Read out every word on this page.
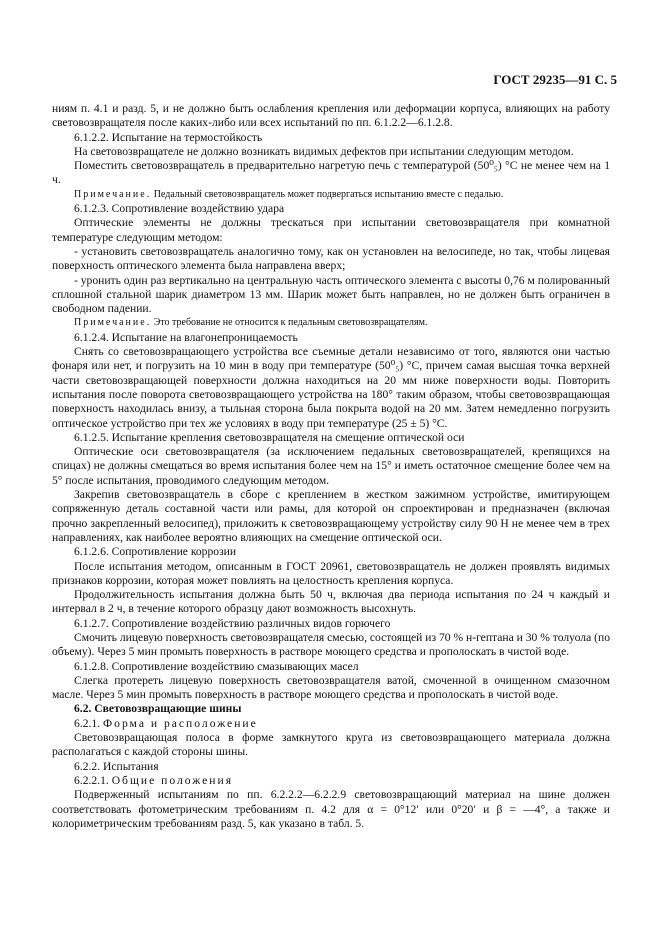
ГОСТ 29235—91 С. 5

ниям п. 4.1 и разд. 5, и не должно быть ослабления крепления или деформации корпуса, влияющих на работу световозвращателя после каких-либо или всех испытаний по пп. 6.1.2.2—6.1.2.8.

6.1.2.2. Испытание на термостойкость

На световозвращателе не должно возникать видимых дефектов при испытании следующим методом.

Поместить световозвращатель в предварительно нагретую печь с температурой (50⁰₅) °С не менее чем на 1 ч.

Примечание. Педальный световозвращатель может подвергаться испытанию вместе с педалью.

6.1.2.3. Сопротивление воздействию удара

Оптические элементы не должны трескаться при испытании световозвращателя при комнатной температуре следующим методом:

- установить световозвращатель аналогично тому, как он установлен на велосипеде, но так, чтобы лицевая поверхность оптического элемента была направлена вверх;

- уронить один раз вертикально на центральную часть оптического элемента с высоты 0,76 м полированный сплошной стальной шарик диаметром 13 мм. Шарик может быть направлен, но не должен быть ограничен в свободном падении.

Примечание. Это требование не относится к педальным световозвращателям.

6.1.2.4. Испытание на влагонепроницаемость

Снять со световозвращающего устройства все съемные детали независимо от того, являются они частью фонаря или нет, и погрузить на 10 мин в воду при температуре (50⁰₅) °С, причем самая высшая точка верхней части световозвращающей поверхности должна находиться на 20 мм ниже поверхности воды. Повторить испытания после поворота световозвращающего устройства на 180° таким образом, чтобы световозвращающая поверхность находилась внизу, а тыльная сторона была покрыта водой на 20 мм. Затем немедленно погрузить оптическое устройство при тех же условиях в воду при температуре (25 ± 5) °С.

6.1.2.5. Испытание крепления световозвращателя на смещение оптической оси

Оптические оси световозвращателя (за исключением педальных световозвращателей, крепящихся на спицах) не должны смещаться во время испытания более чем на 15° и иметь остаточное смещение более чем на 5° после испытания, проводимого следующим методом.

Закрепив световозвращатель в сборе с креплением в жестком зажимном устройстве, имитирующем сопряженную деталь составной части или рамы, для которой он спроектирован и предназначен (включая прочно закрепленный велосипед), приложить к световозвращающему устройству силу 90 Н не менее чем в трех направлениях, как наиболее вероятно влияющих на смещение оптической оси.

6.1.2.6. Сопротивление коррозии

После испытания методом, описанным в ГОСТ 20961, световозвращатель не должен проявлять видимых признаков коррозии, которая может повлиять на целостность крепления корпуса.

Продолжительность испытания должна быть 50 ч, включая два периода испытания по 24 ч каждый и интервал в 2 ч, в течение которого образцу дают возможность высохнуть.

6.1.2.7. Сопротивление воздействию различных видов горючего

Смочить лицевую поверхность световозвращателя смесью, состоящей из 70 % н-гептана и 30 % толуола (по объему). Через 5 мин промыть поверхность в растворе моющего средства и прополоскать в чистой воде.

6.1.2.8. Сопротивление воздействию смазывающих масел

Слегка протереть лицевую поверхность световозвращателя ватой, смоченной в очищенном смазочном масле. Через 5 мин промыть поверхность в растворе моющего средства и прополоскать в чистой воде.

6.2. Световозвращающие шины

6.2.1. Форма и расположение

Световозвращающая полоса в форме замкнутого круга из световозвращающего материала должна располагаться с каждой стороны шины.

6.2.2. Испытания

6.2.2.1. Общие положения

Подверженный испытаниям по пп. 6.2.2.2—6.2.2.9 световозвращающий материал на шине должен соответствовать фотометрическим требованиям п. 4.2 для α = 0°12′ или 0°20′ и β = —4°, а также и колориметрическим требованиям разд. 5, как указано в табл. 5.
